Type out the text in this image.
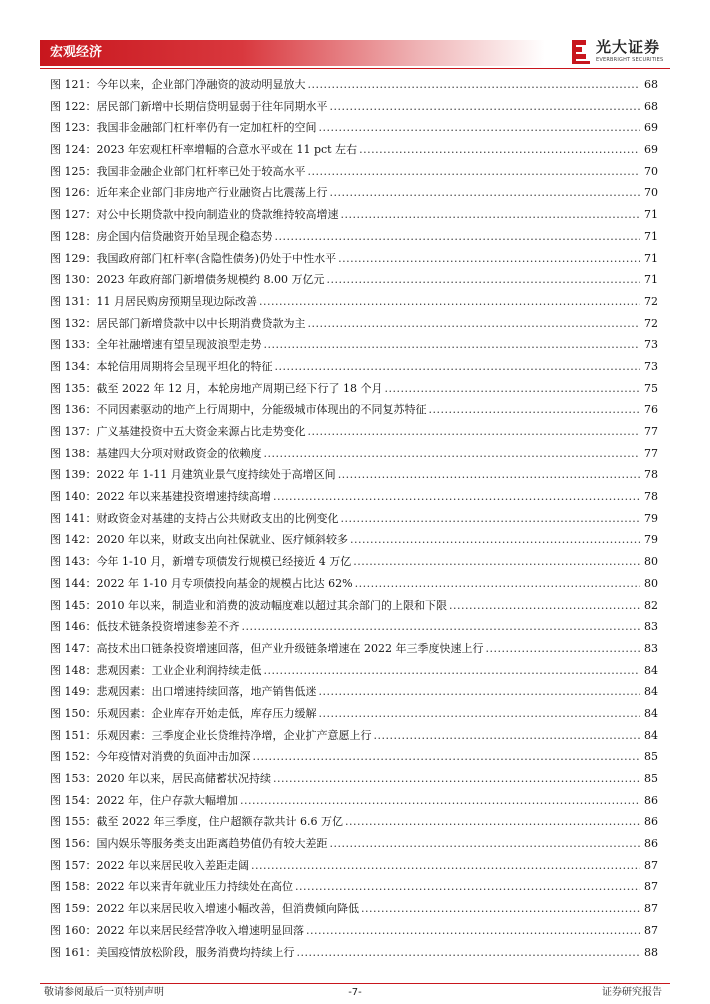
宏观经济	光大证券
EVERBRIGHT SECURITIES
图 121：今年以来，企业部门净融资的波动明显放大 .....	68
图 122：居民部门新增中长期信贷明显弱于往年同期水平 .....	68
图 123：我国非金融部门杠杆率仍有一定加杠杆的空间 .....	69
图 124：2023 年宏观杠杆率增幅的合意水平或在 11 pct 左右 .....	69
图 125：我国非金融企业部门杠杆率已处于较高水平 .....	70
图 126：近年来企业部门非房地产行业融资占比震荡上行 .....	70
图 127：对公中长期贷款中投向制造业的贷款维持较高增速 .....	71
图 128：房企国内信贷融资开始呈现企稳态势 .....	71
图 129：我国政府部门杠杆率(含隐性债务)仍处于中性水平 .....	71
图 130：2023 年政府部门新增债务规模约 8.00 万亿元 .....	71
图 131：11 月居民购房预期呈现边际改善 .....	72
图 132：居民部门新增贷款中以中长期消费贷款为主 .....	72
图 133：全年社融增速有望呈现波浪型走势 .....	73
图 134：本轮信用周期将会呈现平坦化的特征 .....	73
图 135：截至 2022 年 12 月，本轮房地产周期已经下行了 18 个月 .....	75
图 136：不同因素驱动的地产上行周期中，分能级城市体现出的不同复苏特征 .....	76
图 137：广义基建投资中五大资金来源占比走势变化 .....	77
图 138：基建四大分项对财政资金的依赖度 .....	77
图 139：2022 年 1-11 月建筑业景气度持续处于高增区间 .....	78
图 140：2022 年以来基建投资增速持续高增 .....	78
图 141：财政资金对基建的支持占公共财政支出的比例变化 .....	79
图 142：2020 年以来，财政支出向社保就业、医疗倾斜较多 .....	79
图 143：今年 1-10 月，新增专项债发行规模已经接近 4 万亿 .....	80
图 144：2022 年 1-10 月专项债投向基金的规模占比达 62% .....	80
图 145：2010 年以来，制造业和消费的波动幅度难以超过其余部门的上限和下限 .....	82
图 146：低技术链条投资增速参差不齐 .....	83
图 147：高技术出口链条投资增速回落，但产业升级链条增速在 2022 年三季度快速上行 .....	83
图 148：悲观因素：工业企业利润持续走低 .....	84
图 149：悲观因素：出口增速持续回落，地产销售低迷 .....	84
图 150：乐观因素：企业库存开始走低，库存压力缓解 .....	84
图 151：乐观因素：三季度企业长贷维持净增，企业扩产意愿上行 .....	84
图 152：今年疫情对消费的负面冲击加深 .....	85
图 153：2020 年以来，居民高储蓄状况持续 .....	85
图 154：2022 年，住户存款大幅增加 .....	86
图 155：截至 2022 年三季度，住户超额存款共计 6.6 万亿 .....	86
图 156：国内娱乐等服务类支出距离趋势值仍有较大差距 .....	86
图 157：2022 年以来居民收入差距走阔 .....	87
图 158：2022 年以来青年就业压力持续处在高位 .....	87
图 159：2022 年以来居民收入增速小幅改善，但消费倾向降低 .....	87
图 160：2022 年以来居民经营净收入增速明显回落 .....	87
图 161：美国疫情放松阶段，服务消费均持续上行 .....	88
敬请参阅最后一页特别声明	-7-	证券研究报告
